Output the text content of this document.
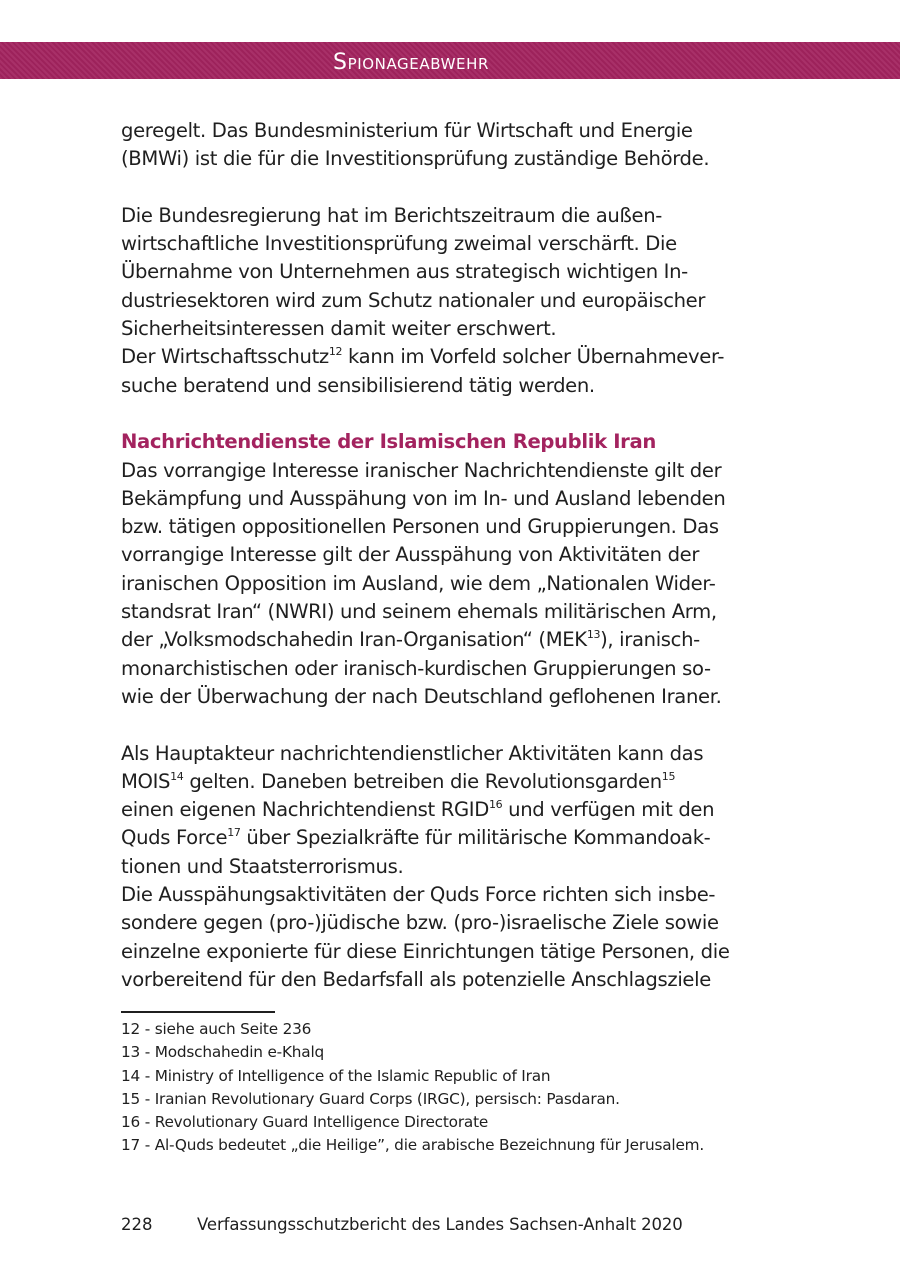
Spionageabwehr

geregelt. Das Bundesministerium für Wirtschaft und Energie
(BMWi) ist die für die Investitionsprüfung zuständige Behörde.

Die Bundesregierung hat im Berichtszeitraum die außen-
wirtschaftliche Investitionsprüfung zweimal verschärft. Die
Übernahme von Unternehmen aus strategisch wichtigen In-
dustriesektoren wird zum Schutz nationaler und europäischer
Sicherheitsinteressen damit weiter erschwert.

Der Wirtschaftsschutz$^{12}$ kann im Vorfeld solcher Übernahmever-
suche beratend und sensibilisierend tätig werden.

Nachrichtendienste der Islamischen Republik Iran

Das vorrangige Interesse iranischer Nachrichtendienste gilt der
Bekämpfung und Ausspähung von im In- und Ausland lebenden
bzw. tätigen oppositionellen Personen und Gruppierungen. Das
vorrangige Interesse gilt der Ausspähung von Aktivitäten der
iranischen Opposition im Ausland, wie dem „Nationalen Wider-
standsrat Iran“ (NWRI) und seinem ehemals militärischen Arm,
der „Volksmodschahedin Iran-Organisation“ (MEK$^{13}$), iranisch-
monarchistischen oder iranisch-kurdischen Gruppierungen so-
wie der Überwachung der nach Deutschland geflohenen Iraner.

Als Hauptakteur nachrichtendienstlicher Aktivitäten kann das
MOIS$^{14}$ gelten. Daneben betreiben die Revolutionsgarden$^{15}$
einen eigenen Nachrichtendienst RGID$^{16}$ und verfügen mit den
Quds Force$^{17}$ über Spezialkräfte für militärische Kommandoak-
tionen und Staatsterrorismus.

Die Ausspähungsaktivitäten der Quds Force richten sich insbe-
sondere gegen (pro-)jüdische bzw. (pro-)israelische Ziele sowie
einzelne exponierte für diese Einrichtungen tätige Personen, die
vorbereitend für den Bedarfsfall als potenzielle Anschlagsziele

12 - siehe auch Seite 236
13 - Modschahedin e-Khalq
14 - Ministry of Intelligence of the Islamic Republic of Iran
15 - Iranian Revolutionary Guard Corps (IRGC), persisch: Pasdaran.
16 - Revolutionary Guard Intelligence Directorate
17 - Al-Quds bedeutet „die Heilige”, die arabische Bezeichnung für Jerusalem.
228	Verfassungsschutzbericht des Landes Sachsen-Anhalt 2020
